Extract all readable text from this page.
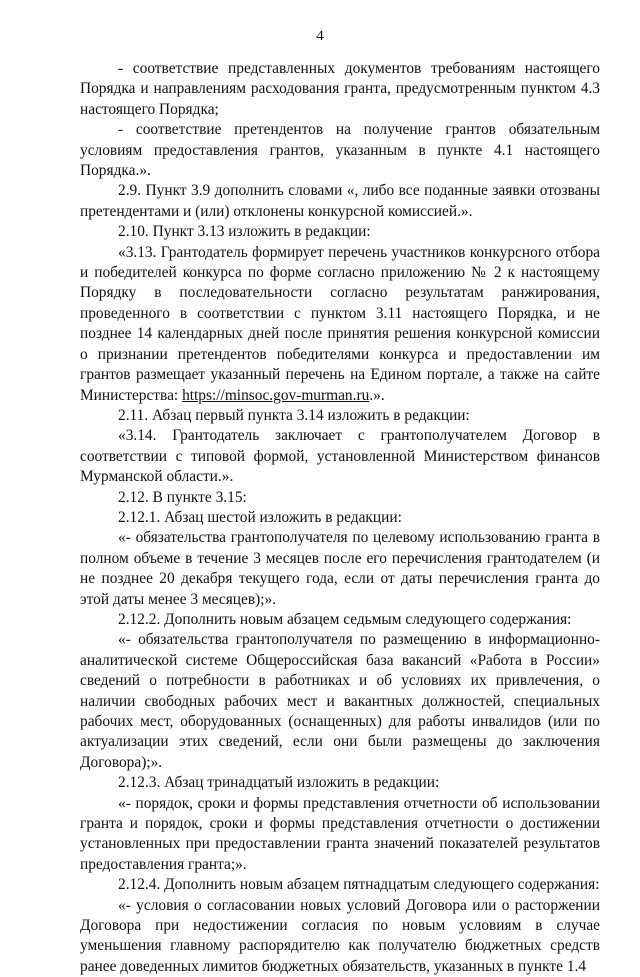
4

- соответствие представленных документов требованиям настоящего Порядка и направлениям расходования гранта, предусмотренным пунктом 4.3 настоящего Порядка;

- соответствие претендентов на получение грантов обязательным условиям предоставления грантов, указанным в пункте 4.1 настоящего Порядка.».

2.9. Пункт 3.9 дополнить словами «, либо все поданные заявки отозваны претендентами и (или) отклонены конкурсной комиссией.».

2.10. Пункт 3.13 изложить в редакции:

«3.13. Грантодатель формирует перечень участников конкурсного отбора и победителей конкурса по форме согласно приложению № 2 к настоящему Порядку в последовательности согласно результатам ранжирования, проведенного в соответствии с пунктом 3.11 настоящего Порядка, и не позднее 14 календарных дней после принятия решения конкурсной комиссии о признании претендентов победителями конкурса и предоставлении им грантов размещает указанный перечень на Едином портале, а также на сайте Министерства: https://minsoc.gov-murman.ru.».

2.11. Абзац первый пункта 3.14 изложить в редакции:

«3.14. Грантодатель заключает с грантополучателем Договор в соответствии с типовой формой, установленной Министерством финансов Мурманской области.».

2.12. В пункте 3.15:

2.12.1. Абзац шестой изложить в редакции:

«- обязательства грантополучателя по целевому использованию гранта в полном объеме в течение 3 месяцев после его перечисления грантодателем (и не позднее 20 декабря текущего года, если от даты перечисления гранта до этой даты менее 3 месяцев);».

2.12.2. Дополнить новым абзацем седьмым следующего содержания:

«- обязательства грантополучателя по размещению в информационно-аналитической системе Общероссийская база вакансий «Работа в России» сведений о потребности в работниках и об условиях их привлечения, о наличии свободных рабочих мест и вакантных должностей, специальных рабочих мест, оборудованных (оснащенных) для работы инвалидов (или по актуализации этих сведений, если они были размещены до заключения Договора);».

2.12.3. Абзац тринадцатый изложить в редакции:

«- порядок, сроки и формы представления отчетности об использовании гранта и порядок, сроки и формы представления отчетности о достижении установленных при предоставлении гранта значений показателей результатов предоставления гранта;».

2.12.4. Дополнить новым абзацем пятнадцатым следующего содержания:

«- условия о согласовании новых условий Договора или о расторжении Договора при недостижении согласия по новым условиям в случае уменьшения главному распорядителю как получателю бюджетных средств ранее доведенных лимитов бюджетных обязательств, указанных в пункте 1.4
